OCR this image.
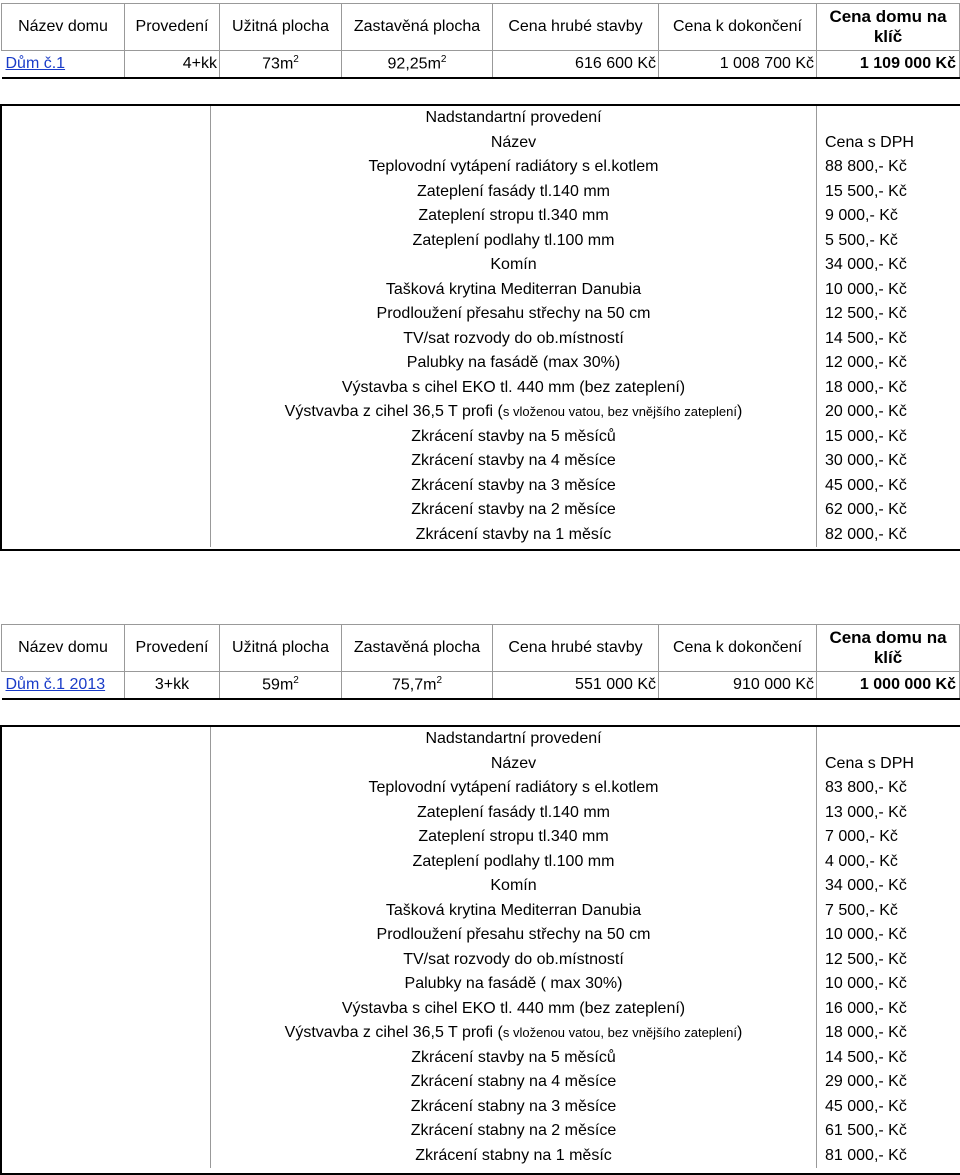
Název domu	Provedení	Užitná plocha	Zastavěná plocha	Cena hrubé stavby	Cena k dokončení	Cena domu na klíč
Dům č.1	4+kk	$73m^2$	$92,25m^2$	616 600 Kč	1 008 700 Kč	1 109 000 Kč
Nadstandartní provedení	
Název	Cena s DPH
Teplovodní vytápení radiátory s el.kotlem	88 800,- Kč
Zateplení fasády tl.140 mm	15 500,- Kč
Zateplení stropu tl.340 mm	9 000,- Kč
Zateplení podlahy tl.100 mm	5 500,- Kč
Komín	34 000,- Kč
Tašková krytina Mediterran Danubia	10 000,- Kč
Prodloužení přesahu střechy na 50 cm	12 500,- Kč
TV/sat rozvody do ob.místností	14 500,- Kč
Palubky na fasádě (max 30%)	12 000,- Kč
Výstavba s cihel EKO tl. 440 mm (bez zateplení)	18 000,- Kč
Výstvavba z cihel 36,5 T profi (s vloženou vatou, bez vnějšího zateplení)	20 000,- Kč
Zkrácení stavby na 5 měsíců	15 000,- Kč
Zkrácení stavby na 4 měsíce	30 000,- Kč
Zkrácení stavby na 3 měsíce	45 000,- Kč
Zkrácení stavby na 2 měsíce	62 000,- Kč
Zkrácení stavby na 1 měsíc	82 000,- Kč
Název domu	Provedení	Užitná plocha	Zastavěná plocha	Cena hrubé stavby	Cena k dokončení	Cena domu na klíč
Dům č.1 2013	3+kk	$59m^2$	$75,7m^2$	551 000 Kč	910 000 Kč	1 000 000 Kč
Nadstandartní provedení	
Název	Cena s DPH
Teplovodní vytápení radiátory s el.kotlem	83 800,- Kč
Zateplení fasády tl.140 mm	13 000,- Kč
Zateplení stropu tl.340 mm	7 000,- Kč
Zateplení podlahy tl.100 mm	4 000,- Kč
Komín	34 000,- Kč
Tašková krytina Mediterran Danubia	7 500,- Kč
Prodloužení přesahu střechy na 50 cm	10 000,- Kč
TV/sat rozvody do ob.místností	12 500,- Kč
Palubky na fasádě ( max 30%)	10 000,- Kč
Výstavba s cihel EKO tl. 440 mm (bez zateplení)	16 000,- Kč
Výstvavba z cihel 36,5 T profi (s vloženou vatou, bez vnějšího zateplení)	18 000,- Kč
Zkrácení stavby na 5 měsíců	14 500,- Kč
Zkrácení stabny na 4 měsíce	29 000,- Kč
Zkrácení stabny na 3 měsíce	45 000,- Kč
Zkrácení stabny na 2 měsíce	61 500,- Kč
Zkrácení stabny na 1 měsíc	81 000,- Kč
